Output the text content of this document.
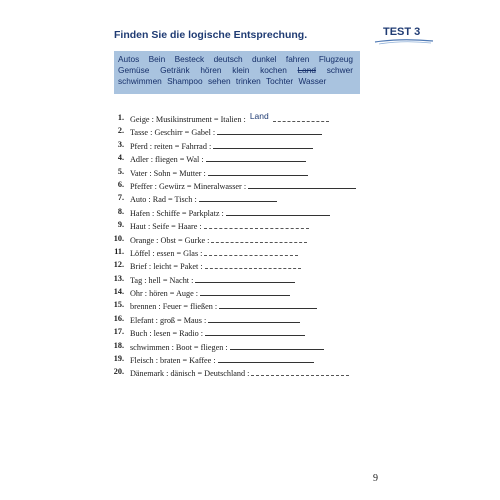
Finden Sie die logische Entsprechung.	TEST 3
Autos Bein Besteck deutsch dunkel fahren Flugzeug Gemüse Getränk hören klein kochen Land schwer schwimmen Shampoo sehen trinken Tochter Wasser
1. Geige : Musikinstrument = Italien : Land
2. Tasse : Geschirr = Gabel :
3. Pferd : reiten = Fahrrad :
4. Adler : fliegen = Wal :
5. Vater : Sohn = Mutter :
6. Pfeffer : Gewürz = Mineralwasser :
7. Auto : Rad = Tisch :
8. Hafen : Schiffe = Parkplatz :
9. Haut : Seife = Haare :
10. Orange : Obst = Gurke :
11. Löffel : essen = Glas :
12. Brief : leicht = Paket :
13. Tag : hell = Nacht :
14. Ohr : hören = Auge :
15. brennen : Feuer = fließen :
16. Elefant : groß = Maus :
17. Buch : lesen = Radio :
18. schwimmen : Boot = fliegen :
19. Fleisch : braten = Kaffee :
20. Dänemark : dänisch = Deutschland :
9
